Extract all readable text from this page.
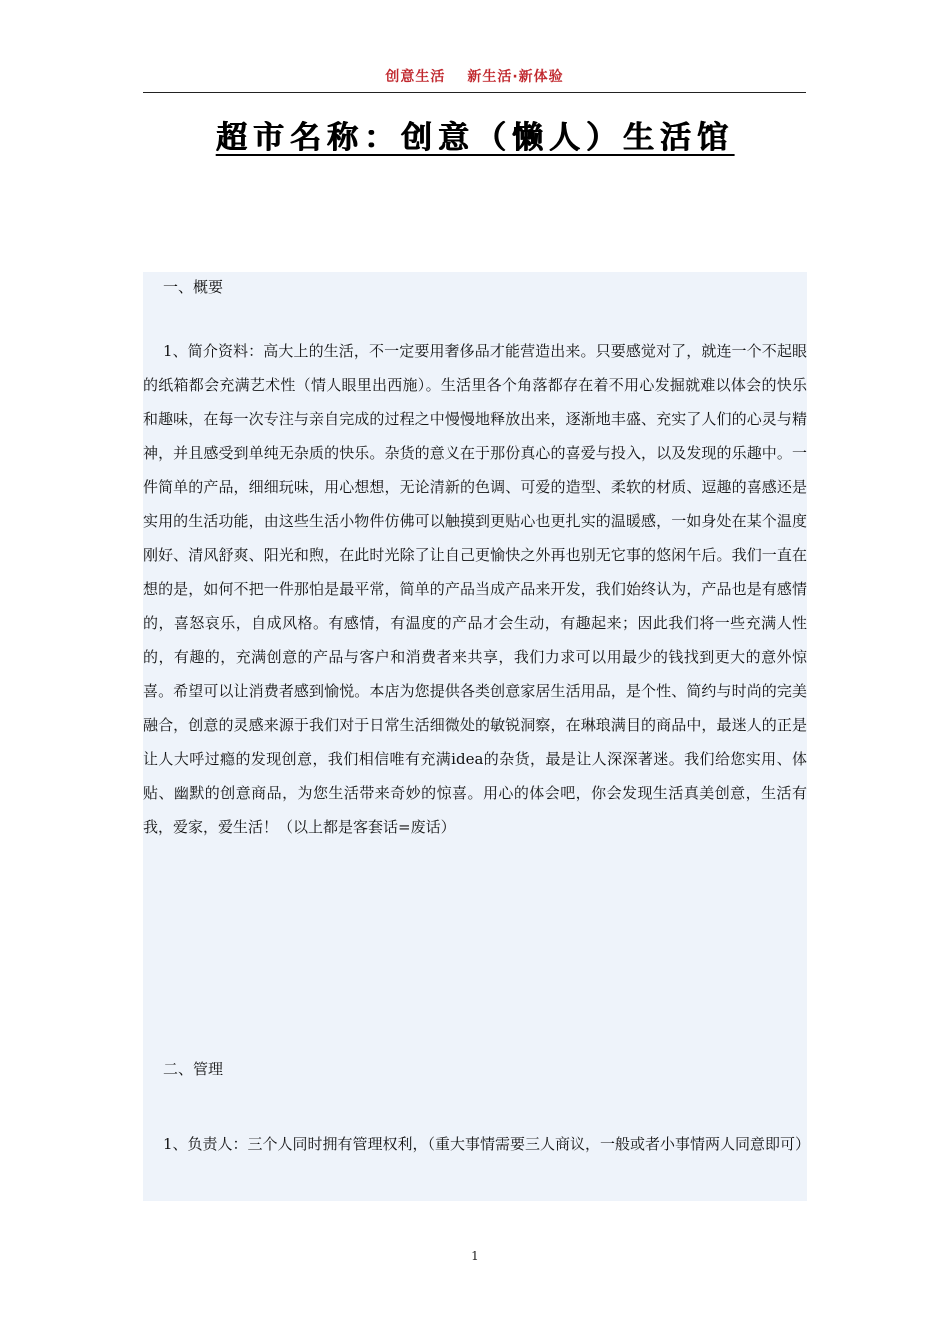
创意生活 新生活·新体验
超市名称：创意（懒人）生活馆

一、概要

1、简介资料：高大上的生活，不一定要用奢侈品才能营造出来。只要感觉对了，就连一个不起眼的纸箱都会充满艺术性（情人眼里出西施）。生活里各个角落都存在着不用心发掘就难以体会的快乐和趣味，在每一次专注与亲自完成的过程之中慢慢地释放出来，逐渐地丰盛、充实了人们的心灵与精神，并且感受到单纯无杂质的快乐。杂货的意义在于那份真心的喜爱与投入，以及发现的乐趣中。一件简单的产品，细细玩味，用心想想，无论清新的色调、可爱的造型、柔软的材质、逗趣的喜感还是实用的生活功能，由这些生活小物件仿佛可以触摸到更贴心也更扎实的温暖感，一如身处在某个温度刚好、清风舒爽、阳光和煦，在此时光除了让自己更愉快之外再也别无它事的悠闲午后。我们一直在想的是，如何不把一件那怕是最平常，简单的产品当成产品来开发，我们始终认为，产品也是有感情的，喜怒哀乐，自成风格。有感情，有温度的产品才会生动，有趣起来；因此我们将一些充满人性的，有趣的，充满创意的产品与客户和消费者来共享，我们力求可以用最少的钱找到更大的意外惊喜。希望可以让消费者感到愉悦。本店为您提供各类创意家居生活用品，是个性、简约与时尚的完美融合，创意的灵感来源于我们对于日常生活细微处的敏锐洞察，在琳琅满目的商品中，最迷人的正是让人大呼过瘾的发现创意，我们相信唯有充满idea的杂货，最是让人深深著迷。我们给您实用、体贴、幽默的创意商品，为您生活带来奇妙的惊喜。用心的体会吧，你会发现生活真美创意，生活有我，爱家，爱生活！（以上都是客套话=废话）

二、管理

1、负责人：三个人同时拥有管理权利，（重大事情需要三人商议，一般或者小事情两人同意即可）

1
